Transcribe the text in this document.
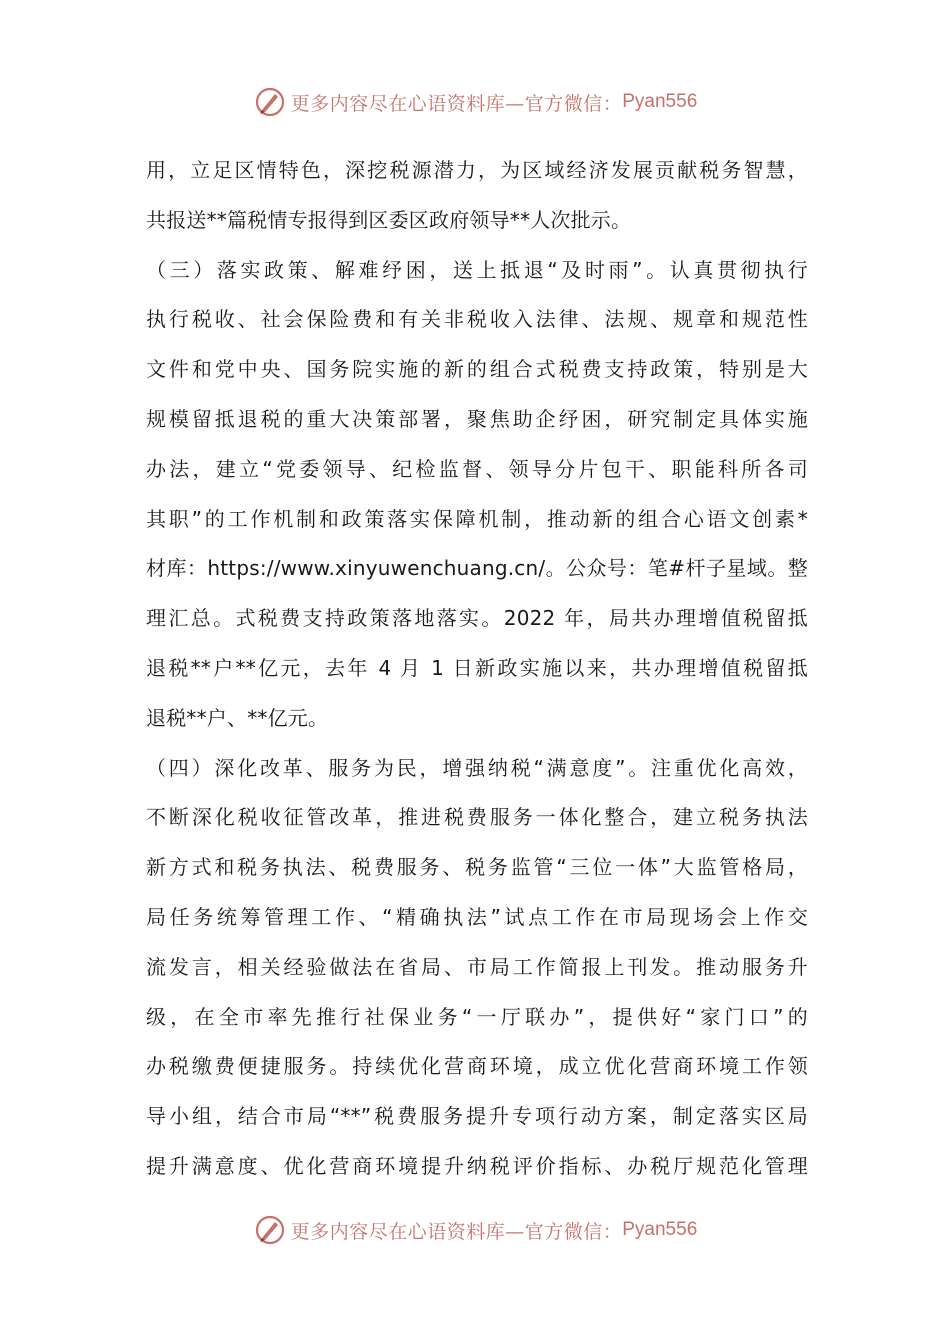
更多内容尽在心语资料库—官方微信： Pyan556
用，立足区情特色，深挖税源潜力，为区域经济发展贡献税务智慧，
共报送**篇税情专报得到区委区政府领导**人次批示。
（三）落实政策、解难纾困，送上抵退“及时雨”。认真贯彻执行
执行税收、社会保险费和有关非税收入法律、法规、规章和规范性
文件和党中央、国务院实施的新的组合式税费支持政策，特别是大
规模留抵退税的重大决策部署，聚焦助企纾困，研究制定具体实施
办法，建立“党委领导、纪检监督、领导分片包干、职能科所各司
其职”的工作机制和政策落实保障机制，推动新的组合心语文创素*
材库：https://www.xinyuwenchuang.cn/。公众号：笔#杆子星域。整
理汇总。式税费支持政策落地落实。2022 年，局共办理增值税留抵
退税**户**亿元，去年 4 月 1 日新政实施以来，共办理增值税留抵
退税**户、**亿元。
（四）深化改革、服务为民，增强纳税“满意度”。注重优化高效，
不断深化税收征管改革，推进税费服务一体化整合，建立税务执法
新方式和税务执法、税费服务、税务监管“三位一体”大监管格局，
局任务统筹管理工作、“精确执法”试点工作在市局现场会上作交
流发言，相关经验做法在省局、市局工作简报上刊发。推动服务升
级，在全市率先推行社保业务“一厅联办”，提供好“家门口”的
办税缴费便捷服务。持续优化营商环境，成立优化营商环境工作领
导小组，结合市局“**”税费服务提升专项行动方案，制定落实区局
提升满意度、优化营商环境提升纳税评价指标、办税厅规范化管理
更多内容尽在心语资料库—官方微信： Pyan556
